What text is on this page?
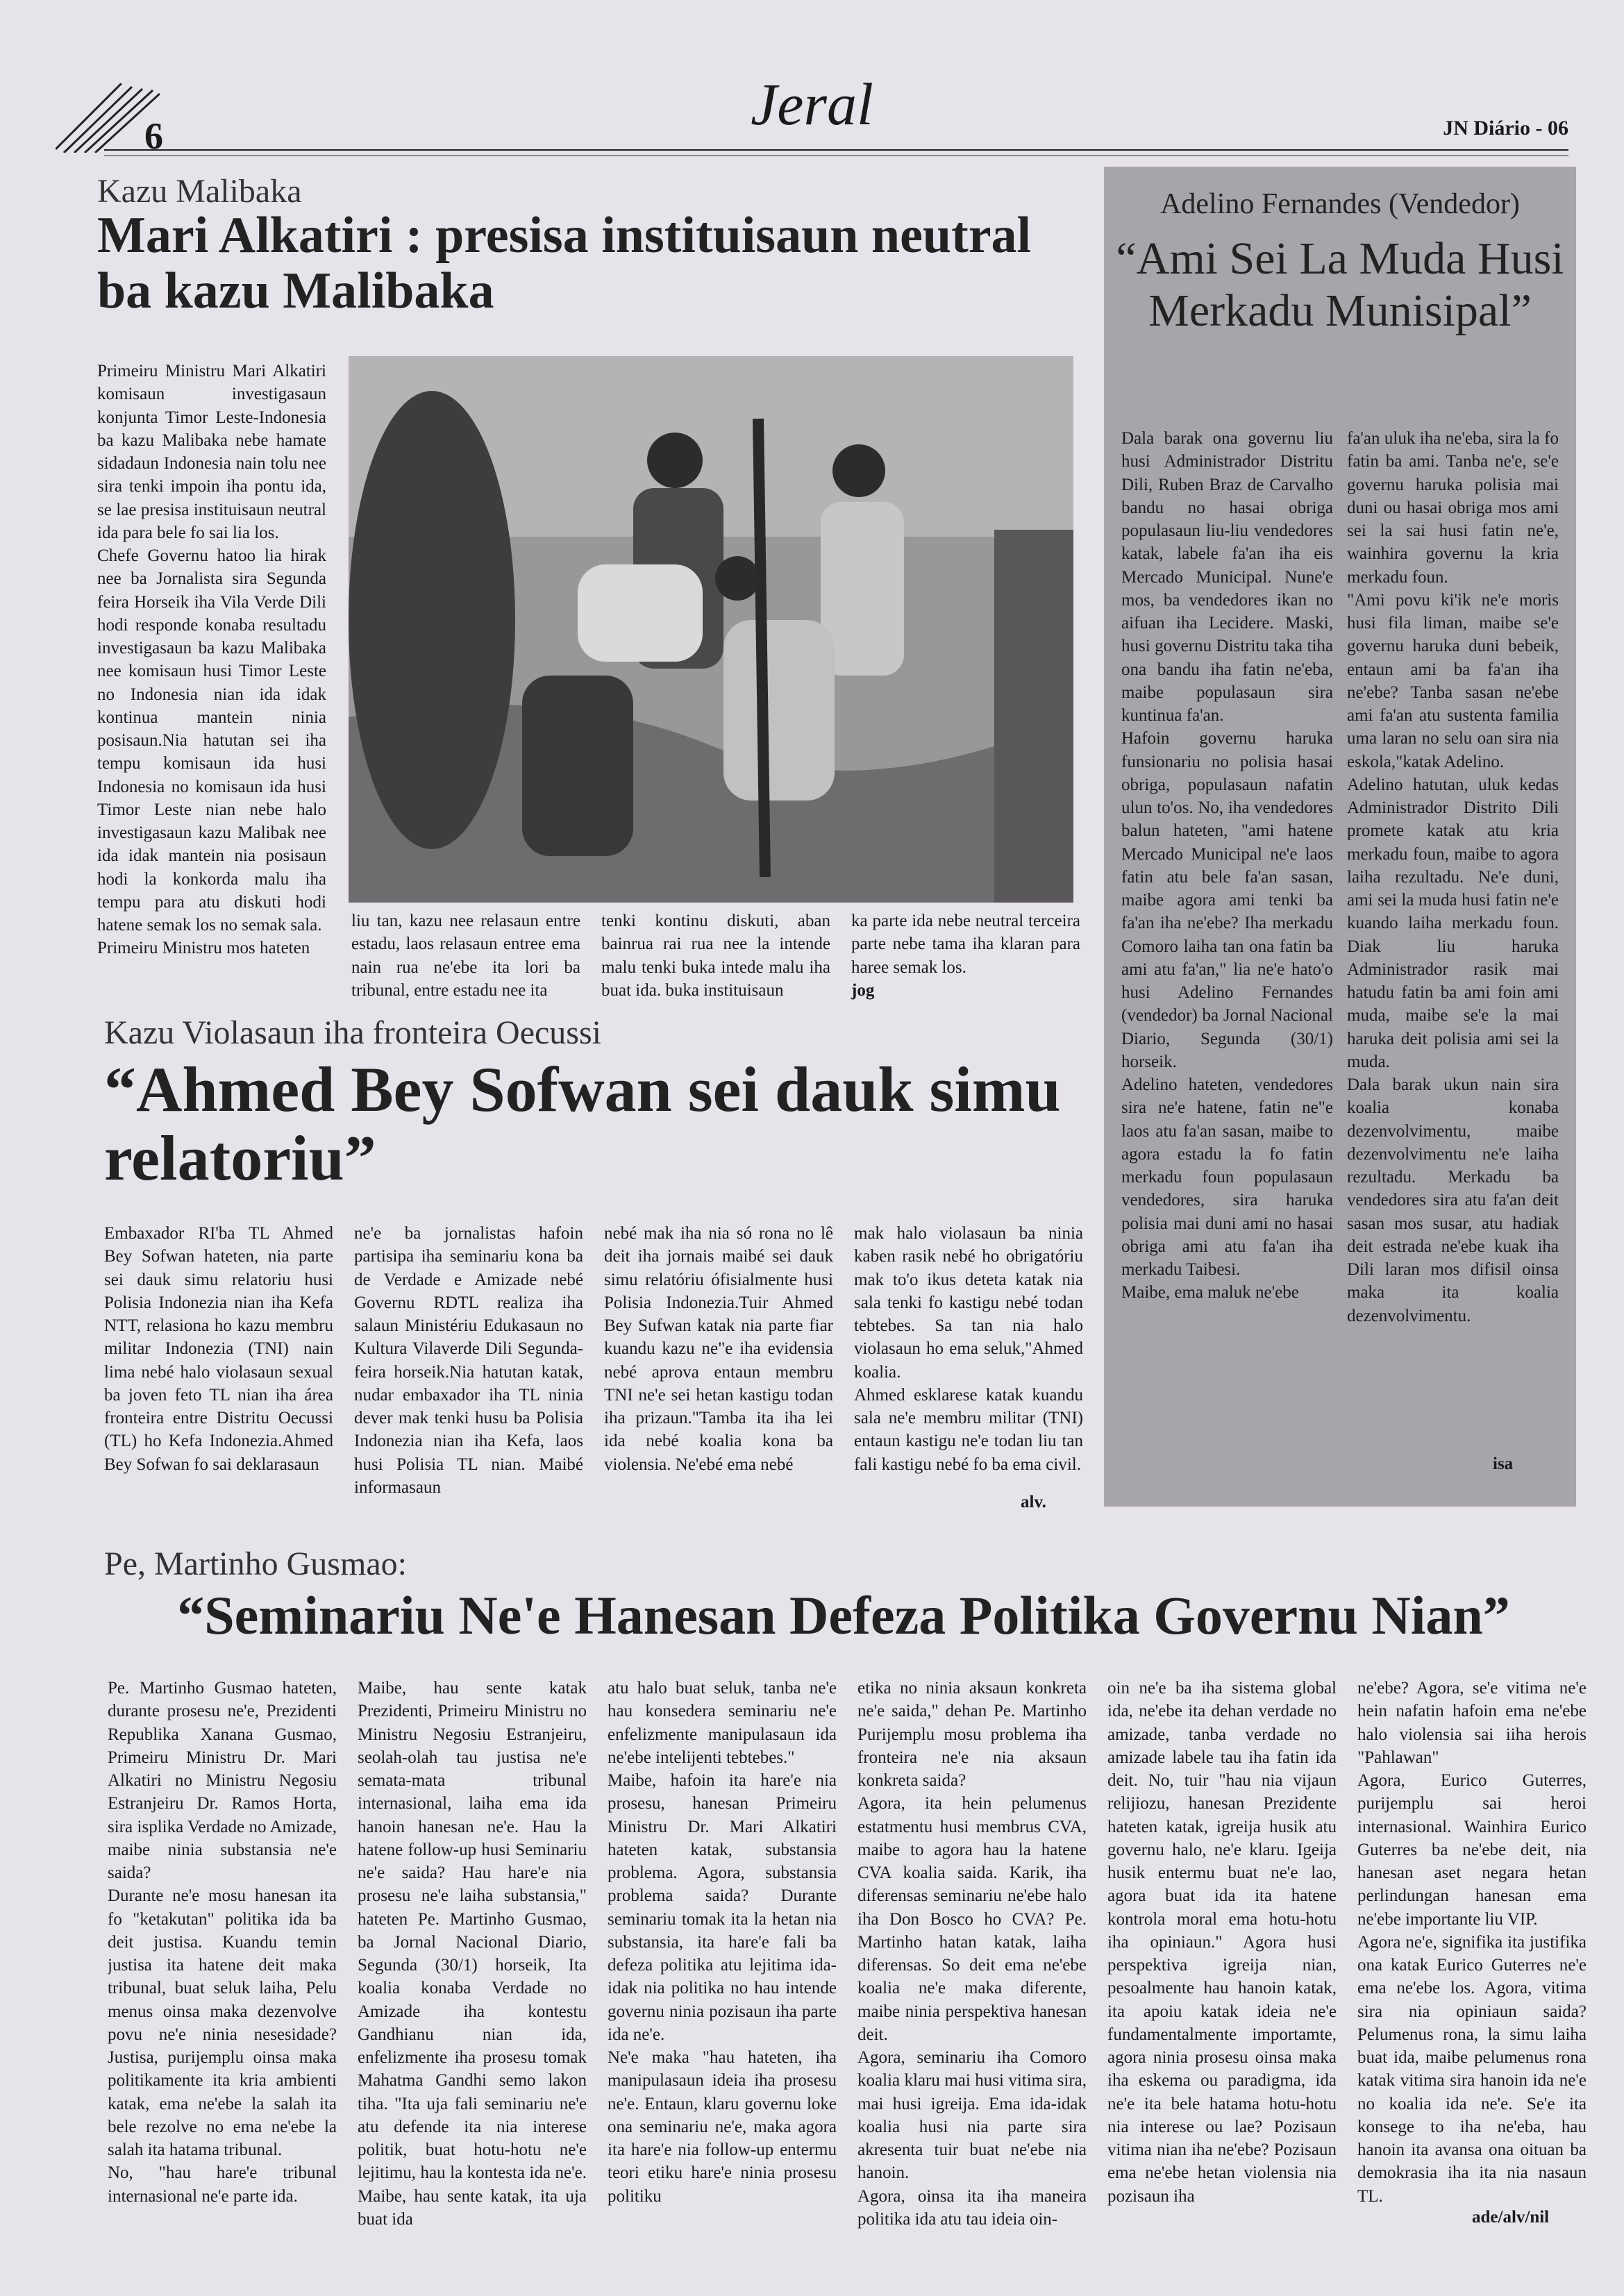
6	Jeral	JN Diário - 06
Kazu Malibaka
Mari Alkatiri : presisa instituisaun neutral ba kazu Malibaka
Primeiru Ministru Mari Alkatiri komisaun investigasaun konjunta Timor Leste-Indonesia ba kazu Malibaka nebe hamate sidadaun Indonesia nain tolu nee sira tenki impoin iha pontu ida, se lae presisa instituisaun neutral ida para bele fo sai lia los.
Chefe Governu hatoo lia hirak nee ba Jornalista sira Segunda feira Horseik iha Vila Verde Dili hodi responde konaba resultadu investigasaun ba kazu Malibaka nee komisaun husi Timor Leste no Indonesia nian ida idak kontinua mantein ninia posisaun.Nia hatutan sei iha tempu komisaun ida husi Indonesia no komisaun ida husi Timor Leste nian nebe halo investigasaun kazu Malibak nee ida idak mantein nia posisaun hodi la konkorda malu iha tempu para atu diskuti hodi hatene semak los no semak sala.
Primeiru Ministru mos hateten
liu tan, kazu nee relasaun entre estadu, laos relasaun entree ema nain rua ne'ebe ita lori ba tribunal, entre estadu nee ita
tenki kontinu diskuti, aban bainrua rai rua nee la intende malu tenki buka intede malu iha buat ida. buka instituisaun
ka parte ida nebe neutral terceira parte nebe tama iha klaran para haree semak los.
jog
Adelino Fernandes (Vendedor)
“Ami Sei La Muda Husi Merkadu Munisipal”
Dala barak ona governu liu husi Administrador Distritu Dili, Ruben Braz de Carvalho bandu no hasai obriga populasaun liu-liu vendedores katak, labele fa'an iha eis Mercado Municipal. Nune'e mos, ba vendedores ikan no aifuan iha Lecidere. Maski, husi governu Distritu taka tiha ona bandu iha fatin ne'eba, maibe populasaun sira kuntinua fa'an.
Hafoin governu haruka funsionariu no polisia hasai obriga, populasaun nafatin ulun to'os. No, iha vendedores balun hateten, "ami hatene Mercado Municipal ne'e laos fatin atu bele fa'an sasan, maibe agora ami tenki ba fa'an iha ne'ebe? Iha merkadu Comoro laiha tan ona fatin ba ami atu fa'an," lia ne'e hato'o husi Adelino Fernandes (vendedor) ba Jornal Nacional Diario, Segunda (30/1) horseik.
Adelino hateten, vendedores sira ne'e hatene, fatin ne"e laos atu fa'an sasan, maibe to agora estadu la fo fatin merkadu foun populasaun vendedores, sira haruka polisia mai duni ami no hasai obriga ami atu fa'an iha merkadu Taibesi.
Maibe, ema maluk ne'ebe
fa'an uluk iha ne'eba, sira la fo fatin ba ami. Tanba ne'e, se'e governu haruka polisia mai duni ou hasai obriga mos ami sei la sai husi fatin ne'e, wainhira governu la kria merkadu foun.
"Ami povu ki'ik ne'e moris husi fila liman, maibe se'e governu haruka duni bebeik, entaun ami ba fa'an iha ne'ebe? Tanba sasan ne'ebe ami fa'an atu sustenta familia uma laran no selu oan sira nia eskola,"katak Adelino.
Adelino hatutan, uluk kedas Administrador Distrito Dili promete katak atu kria merkadu foun, maibe to agora laiha rezultadu. Ne'e duni, ami sei la muda husi fatin ne'e kuando laiha merkadu foun. Diak liu haruka Administrador rasik mai hatudu fatin ba ami foin ami muda, maibe se'e la mai haruka deit polisia ami sei la muda.
Dala barak ukun nain sira koalia konaba dezenvolvimentu, maibe dezenvolvimentu ne'e laiha rezultadu. Merkadu ba vendedores sira atu fa'an deit sasan mos susar, atu hadiak deit estrada ne'ebe kuak iha Dili laran mos difisil oinsa maka ita koalia dezenvolvimentu.
isa
Kazu Violasaun iha fronteira Oecussi
“Ahmed Bey Sofwan sei dauk simu relatoriu”
Embaxador RI'ba TL Ahmed Bey Sofwan hateten, nia parte sei dauk simu relatoriu husi Polisia Indonezia nian iha Kefa NTT, relasiona ho kazu membru militar Indonezia (TNI) nain lima nebé halo violasaun sexual ba joven feto TL nian iha área fronteira entre Distritu Oecussi (TL) ho Kefa Indonezia.Ahmed Bey Sofwan fo sai deklarasaun
ne'e ba jornalistas hafoin partisipa iha seminariu kona ba de Verdade e Amizade nebé Governu RDTL realiza iha salaun Ministériu Edukasaun no Kultura Vilaverde Dili Segunda-feira horseik.Nia hatutan katak, nudar embaxador iha TL ninia dever mak tenki husu ba Polisia Indonezia nian iha Kefa, laos husi Polisia TL nian. Maibé informasaun
nebé mak iha nia só rona no lê deit iha jornais maibé sei dauk simu relatóriu ófisialmente husi Polisia Indonezia.Tuir Ahmed Bey Sufwan katak nia parte fiar kuandu kazu ne"e iha evidensia nebé aprova entaun membru TNI ne'e sei hetan kastigu todan iha prizaun."Tamba ita iha lei ida nebé koalia kona ba violensia. Ne'ebé ema nebé
mak halo violasaun ba ninia kaben rasik nebé ho obrigatóriu mak to'o ikus deteta katak nia sala tenki fo kastigu nebé todan tebtebes. Sa tan nia halo violasaun ho ema seluk,"Ahmed koalia.
Ahmed esklarese katak kuandu sala ne'e membru militar (TNI) entaun kastigu ne'e todan liu tan fali kastigu nebé fo ba ema civil.
alv.
Pe, Martinho Gusmao:
“Seminariu Ne'e Hanesan Defeza Politika Governu Nian”
Pe. Martinho Gusmao hateten, durante prosesu ne'e, Prezidenti Republika Xanana Gusmao, Primeiru Ministru Dr. Mari Alkatiri no Ministru Negosiu Estranjeiru Dr. Ramos Horta, sira isplika Verdade no Amizade, maibe ninia substansia ne'e saida?
Durante ne'e mosu hanesan ita fo "ketakutan" politika ida ba deit justisa. Kuandu temin justisa ita hatene deit maka tribunal, buat seluk laiha, Pelu menus oinsa maka dezenvolve povu ne'e ninia nesesidade? Justisa, purijemplu oinsa maka politikamente ita kria ambienti katak, ema ne'ebe la salah ita bele rezolve no ema ne'ebe la salah ita hatama tribunal.
No, "hau hare'e tribunal internasional ne'e parte ida.
Maibe, hau sente katak Prezidenti, Primeiru Ministru no Ministru Negosiu Estranjeiru, seolah-olah tau justisa ne'e semata-mata tribunal internasional, laiha ema ida hanoin hanesan ne'e. Hau la hatene follow-up husi Seminariu ne'e saida? Hau hare'e nia prosesu ne'e laiha substansia," hateten Pe. Martinho Gusmao, ba Jornal Nacional Diario, Segunda (30/1) horseik, Ita koalia konaba Verdade no Amizade iha kontestu Gandhianu nian ida, enfelizmente iha prosesu tomak Mahatma Gandhi semo lakon tiha. "Ita uja fali seminariu ne'e atu defende ita nia interese politik, buat hotu-hotu ne'e lejitimu, hau la kontesta ida ne'e. Maibe, hau sente katak, ita uja buat ida
atu halo buat seluk, tanba ne'e hau konsedera seminariu ne'e enfelizmente manipulasaun ida ne'ebe intelijenti tebtebes."
Maibe, hafoin ita hare'e nia prosesu, hanesan Primeiru Ministru Dr. Mari Alkatiri hateten katak, substansia problema. Agora, substansia problema saida? Durante seminariu tomak ita la hetan nia substansia, ita hare'e fali ba defeza politika atu lejitima ida-idak nia politika no hau intende governu ninia pozisaun iha parte ida ne'e.
Ne'e maka "hau hateten, iha manipulasaun ideia iha prosesu ne'e. Entaun, klaru governu loke ona seminariu ne'e, maka agora ita hare'e nia follow-up entermu teori etiku hare'e ninia prosesu politiku
etika no ninia aksaun konkreta ne'e saida," dehan Pe. Martinho Purijemplu mosu problema iha fronteira ne'e nia aksaun konkreta saida?
Agora, ita hein pelumenus estatmentu husi membrus CVA, maibe to agora hau la hatene CVA koalia saida. Karik, iha diferensas seminariu ne'ebe halo iha Don Bosco ho CVA? Pe. Martinho hatan katak, laiha diferensas. So deit ema ne'ebe koalia ne'e maka diferente, maibe ninia perspektiva hanesan deit.
Agora, seminariu iha Comoro koalia klaru mai husi vitima sira, mai husi igreija. Ema ida-idak koalia husi nia parte sira akresenta tuir buat ne'ebe nia hanoin.
Agora, oinsa ita iha maneira politika ida atu tau ideia oin-
oin ne'e ba iha sistema global ida, ne'ebe ita dehan verdade no amizade, tanba verdade no amizade labele tau iha fatin ida deit. No, tuir "hau nia vijaun relijiozu, hanesan Prezidente hateten katak, igreija husik atu governu halo, ne'e klaru. Igeija husik entermu buat ne'e lao, agora buat ida ita hatene kontrola moral ema hotu-hotu iha opiniaun." Agora husi perspektiva igreija nian, pesoalmente hau hanoin katak, ita apoiu katak ideia ne'e fundamentalmente importamte, agora ninia prosesu oinsa maka iha eskema ou paradigma, ida ne'e ita bele hatama hotu-hotu nia interese ou lae? Pozisaun vitima nian iha ne'ebe? Pozisaun ema ne'ebe hetan violensia nia pozisaun iha
ne'ebe? Agora, se'e vitima ne'e hein nafatin hafoin ema ne'ebe halo violensia sai iiha herois "Pahlawan"
Agora, Eurico Guterres, purijemplu sai heroi internasional. Wainhira Eurico Guterres ba ne'ebe deit, nia hanesan aset negara hetan perlindungan hanesan ema ne'ebe importante liu VIP.
Agora ne'e, signifika ita justifika ona katak Eurico Guterres ne'e ema ne'ebe los. Agora, vitima sira nia opiniaun saida? Pelumenus rona, la simu laiha buat ida, maibe pelumenus rona katak vitima sira hanoin ida ne'e no koalia ida ne'e. Se'e ita konsege to iha ne'eba, hau hanoin ita avansa ona oituan ba demokrasia iha ita nia nasaun TL.
ade/alv/nil
